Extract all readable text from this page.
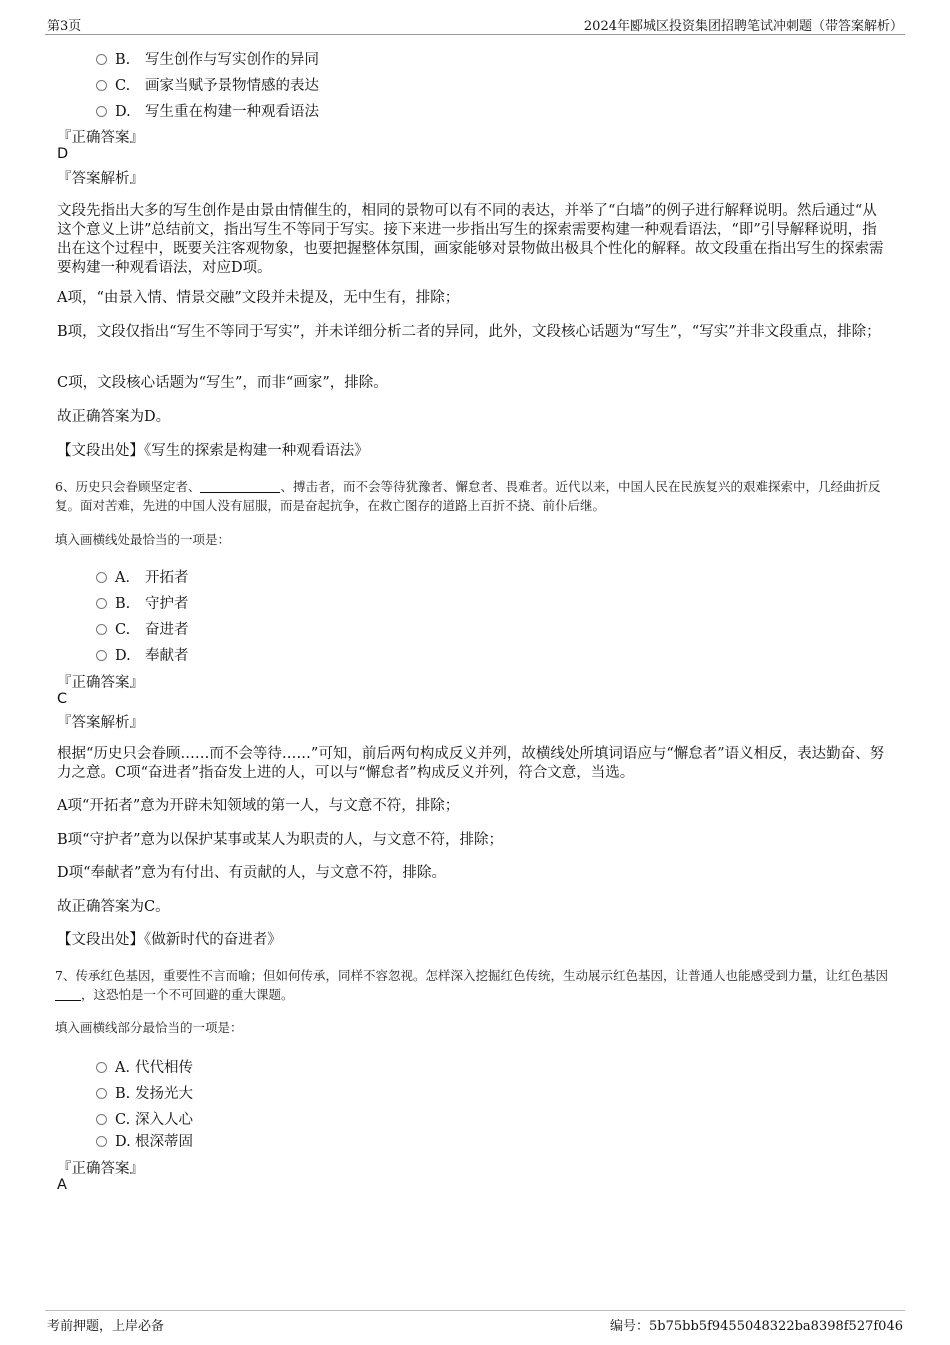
第3页	2024年郾城区投资集团招聘笔试冲刺题（带答案解析）
B. 写生创作与写实创作的异同
C. 画家当赋予景物情感的表达
D. 写生重在构建一种观看语法
『正确答案』
D
『答案解析』
文段先指出大多的写生创作是由景由情催生的，相同的景物可以有不同的表达，并举了“白墙”的例子进行解释说明。然后通过“从这个意义上讲”总结前文，指出写生不等同于写实。接下来进一步指出写生的探索需要构建一种观看语法，“即”引导解释说明，指出在这个过程中，既要关注客观物象，也要把握整体氛围，画家能够对景物做出极具个性化的解释。故文段重在指出写生的探索需要构建一种观看语法，对应D项。
A项，“由景入情、情景交融”文段并未提及，无中生有，排除；
B项，文段仅指出“写生不等同于写实”，并未详细分析二者的异同，此外，文段核心话题为“写生”，“写实”并非文段重点，排除；
C项，文段核心话题为“写生”，而非“画家”，排除。
故正确答案为D。
【文段出处】《写生的探索是构建一种观看语法》
6、历史只会眷顾坚定者、	、搏击者，而不会等待犹豫者、懈怠者、畏难者。近代以来，中国人民在民族复兴的艰难探索中，几经曲折反复。面对苦难，先进的中国人没有屈服，而是奋起抗争，在救亡图存的道路上百折不挠、前仆后继。
填入画横线处最恰当的一项是：
A． 开拓者
B. 守护者
C. 奋进者
D. 奉献者
『正确答案』
C
『答案解析』
根据“历史只会眷顾……而不会等待……”可知，前后两句构成反义并列，故横线处所填词语应与“懈怠者”语义相反，表达勤奋、努力之意。C项“奋进者”指奋发上进的人，可以与“懈怠者”构成反义并列，符合文意，当选。
A项“开拓者”意为开辟未知领域的第一人，与文意不符，排除；
B项“守护者”意为以保护某事或某人为职责的人，与文意不符，排除；
D项“奉献者”意为有付出、有贡献的人，与文意不符，排除。
故正确答案为C。
【文段出处】《做新时代的奋进者》
7、传承红色基因，重要性不言而喻；但如何传承，同样不容忽视。怎样深入挖掘红色传统，生动展示红色基因，让普通人也能感受到力量，让红色基因，这恐怕是一个不可回避的重大课题。
填入画横线部分最恰当的一项是：
A．代代相传
B. 发扬光大
C. 深入人心
D. 根深蒂固
『正确答案』
A
考前押题，上岸必备	编号：5b75bb5f9455048322ba8398f527f046
